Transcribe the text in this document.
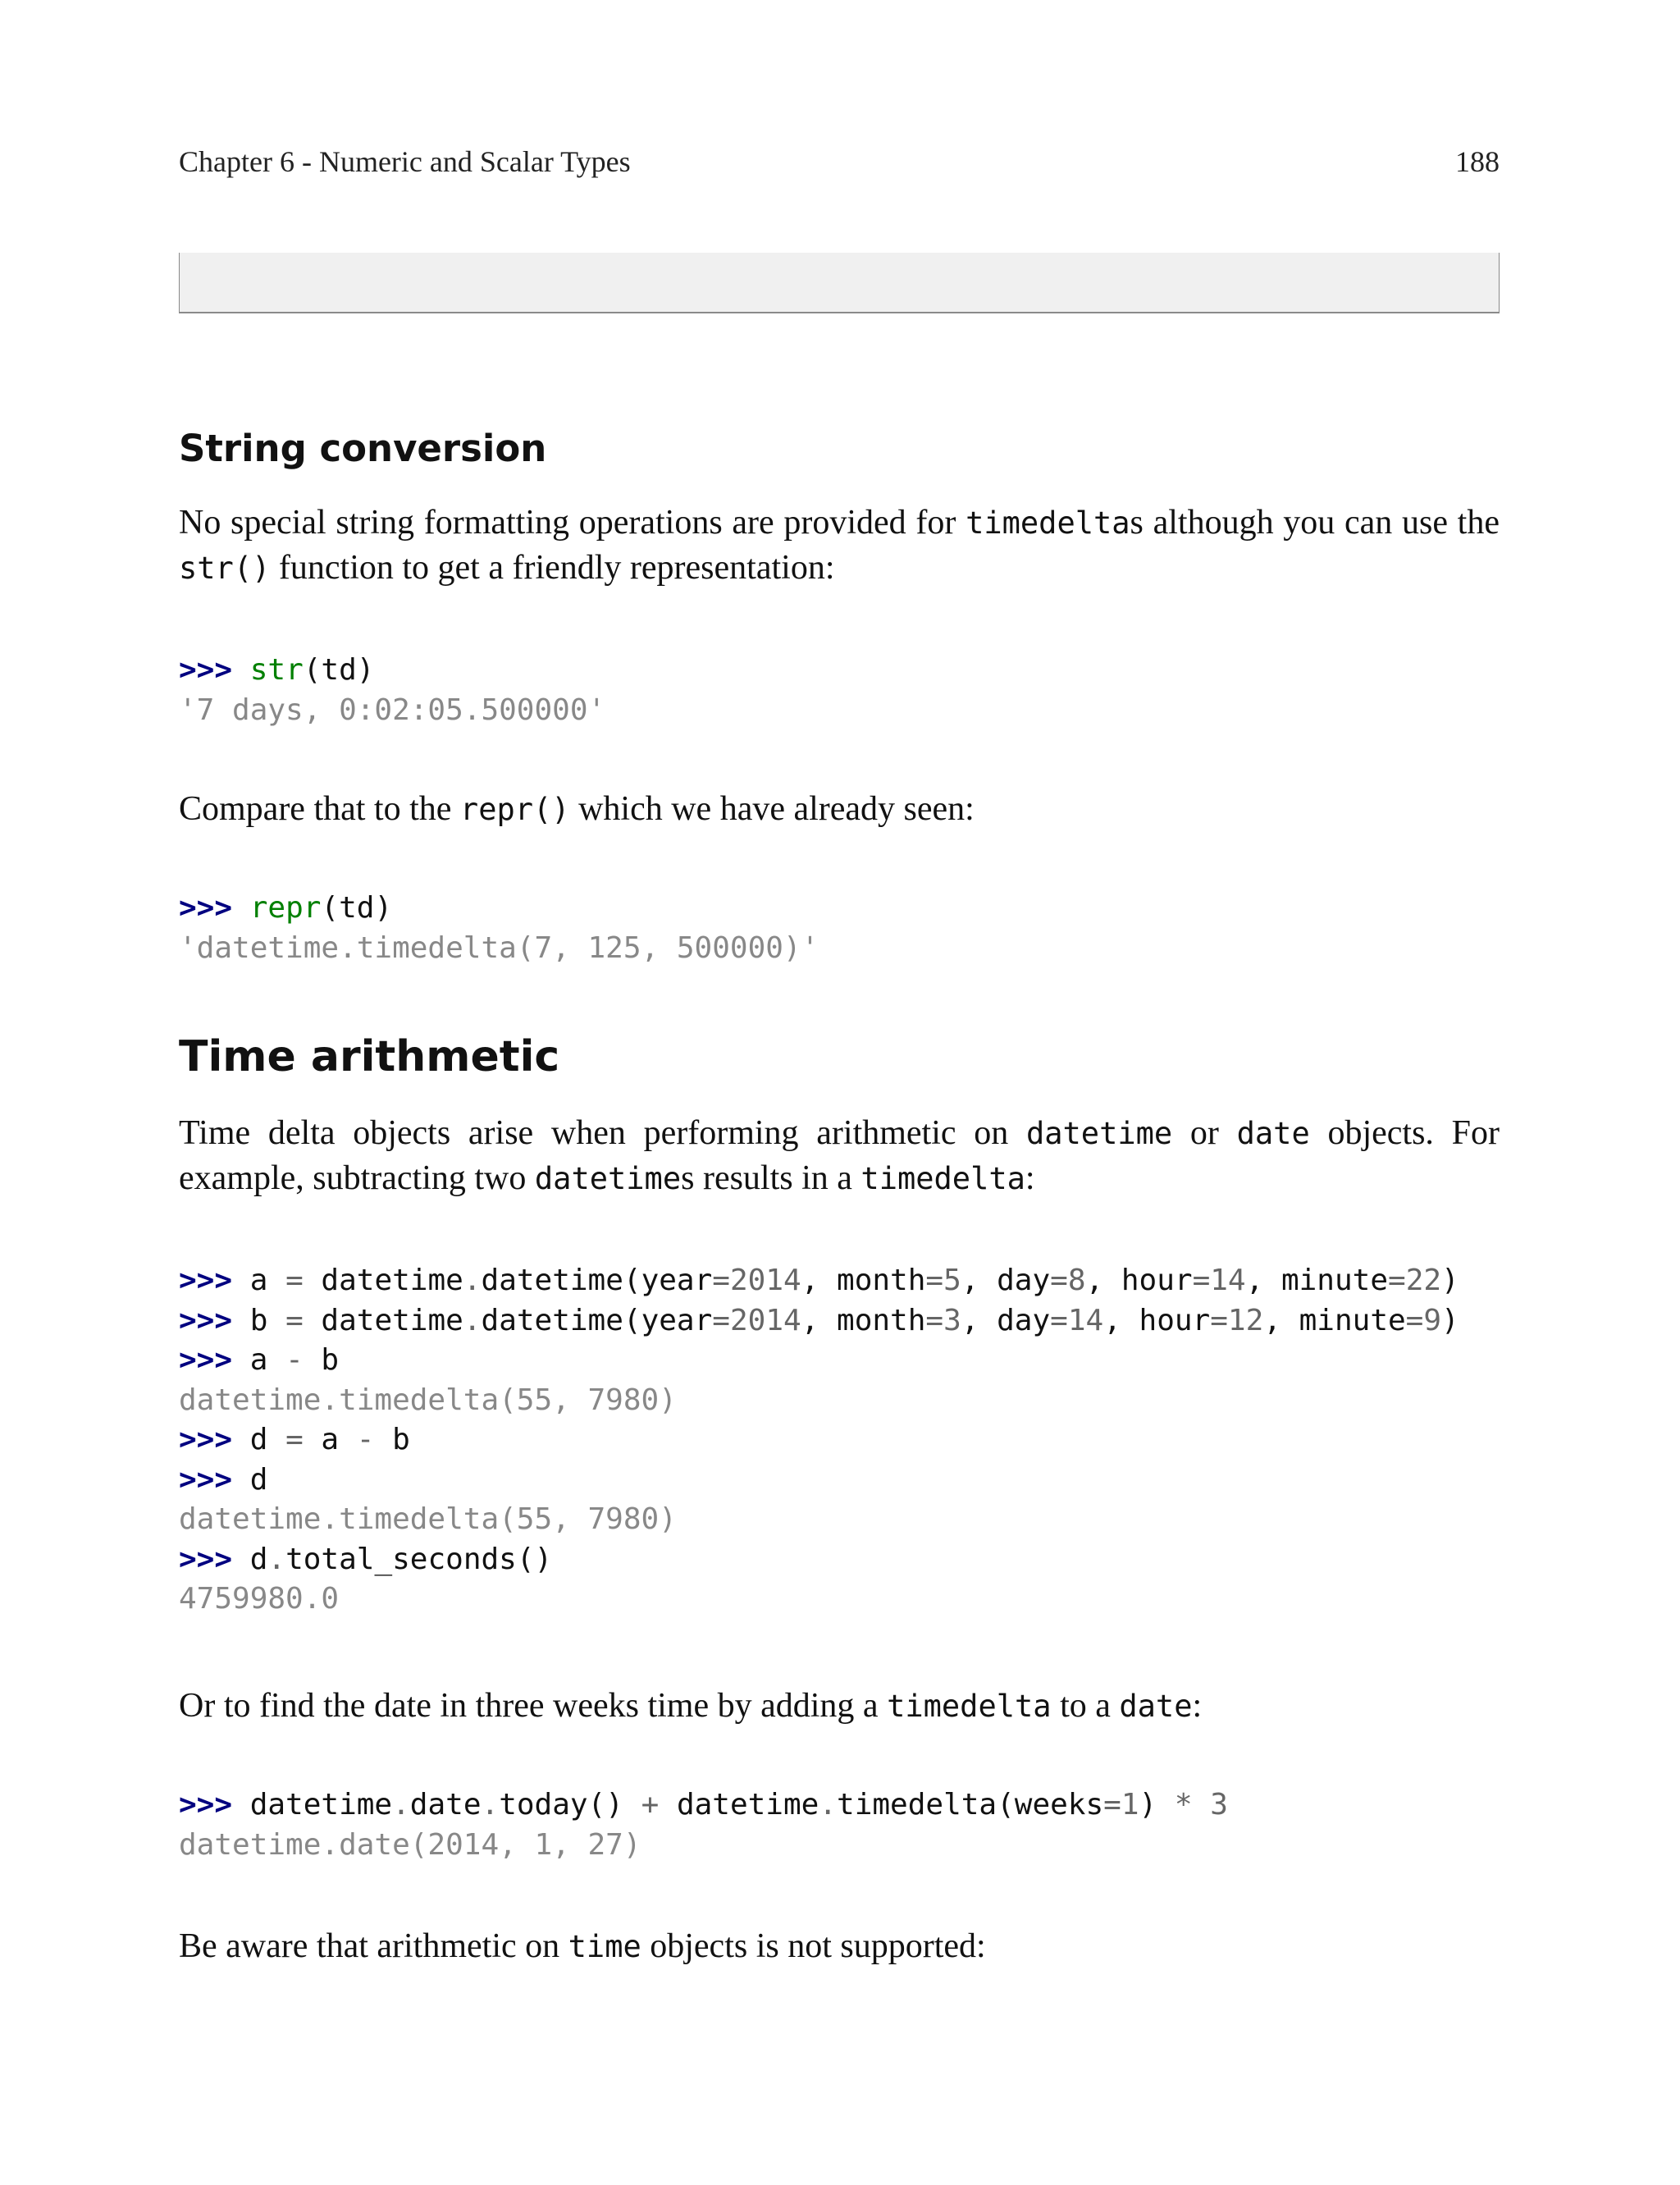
Chapter 6 - Numeric and Scalar Types	188
String conversion

No special string formatting operations are provided for timedeltas although you can use the str() function to get a friendly representation:

>>> str(td)
'7 days, 0:02:05.500000'

Compare that to the repr() which we have already seen:

>>> repr(td)
'datetime.timedelta(7, 125, 500000)'
Time arithmetic

Time delta objects arise when performing arithmetic on datetime or date objects. For example, subtracting two datetimes results in a timedelta:

>>> a = datetime.datetime(year=2014, month=5, day=8, hour=14, minute=22)
>>> b = datetime.datetime(year=2014, month=3, day=14, hour=12, minute=9)
>>> a - b
datetime.timedelta(55, 7980)
>>> d = a - b
>>> d
datetime.timedelta(55, 7980)
>>> d.total_seconds()
4759980.0

Or to find the date in three weeks time by adding a timedelta to a date:

>>> datetime.date.today() + datetime.timedelta(weeks=1) * 3
datetime.date(2014, 1, 27)

Be aware that arithmetic on time objects is not supported:
